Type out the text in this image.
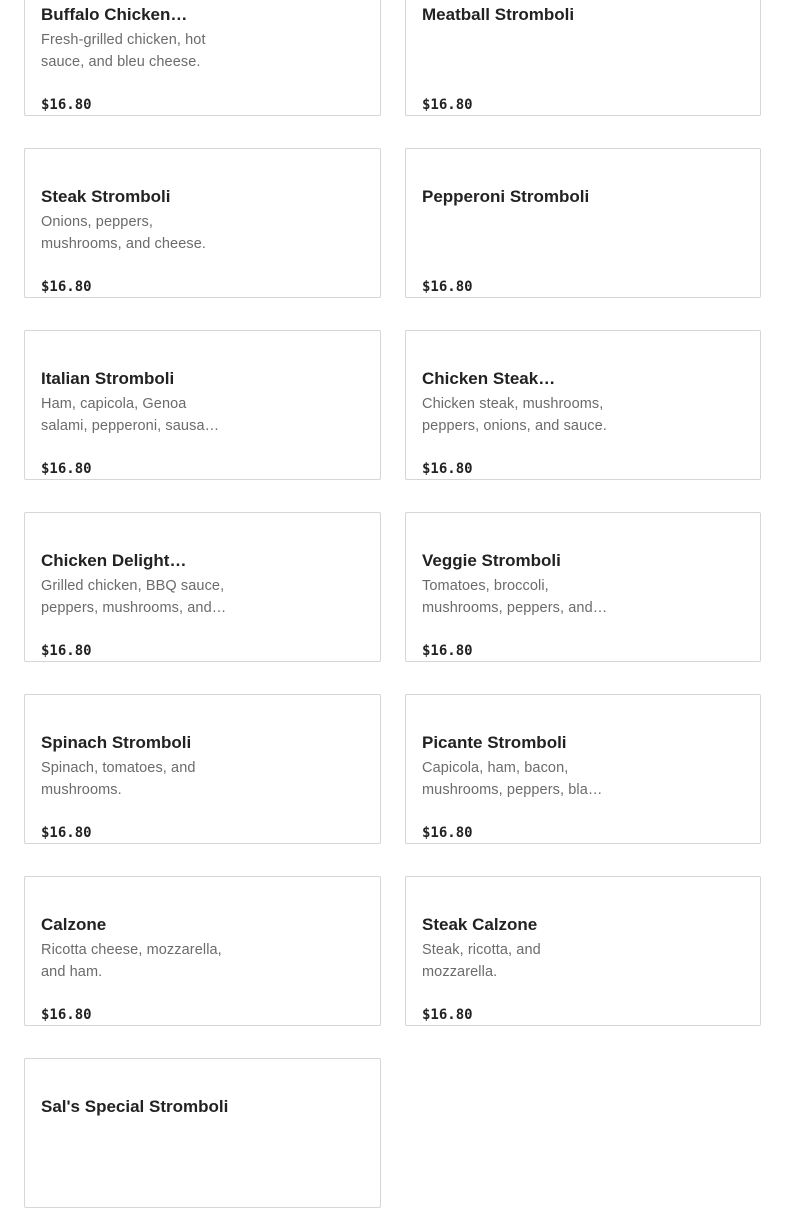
Buffalo Chicken…
Fresh-grilled chicken, hot sauce, and bleu cheese.
$16.80
Meatball Stromboli
$16.80
Steak Stromboli
Onions, peppers, mushrooms, and cheese.
$16.80
Pepperoni Stromboli
$16.80
Italian Stromboli
Ham, capicola, Genoa salami, pepperoni, sausa…
$16.80
Chicken Steak…
Chicken steak, mushrooms, peppers, onions, and sauce.
$16.80
Chicken Delight…
Grilled chicken, BBQ sauce, peppers, mushrooms, and…
$16.80
Veggie Stromboli
Tomatoes, broccoli, mushrooms, peppers, and…
$16.80
Spinach Stromboli
Spinach, tomatoes, and mushrooms.
$16.80
Picante Stromboli
Capicola, ham, bacon, mushrooms, peppers, bla…
$16.80
Calzone
Ricotta cheese, mozzarella, and ham.
$16.80
Steak Calzone
Steak, ricotta, and mozzarella.
$16.80
Sal's Special Stromboli
